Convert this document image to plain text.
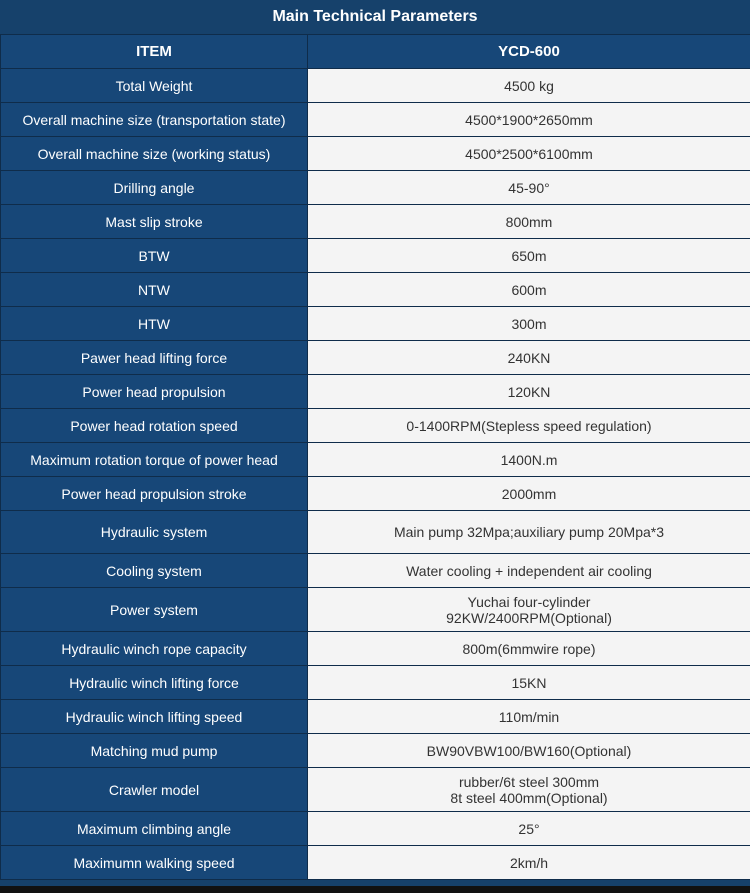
Main Technical Parameters
ITEM	YCD-600
Total Weight	4500 kg

Overall machine size (transportation state)	4500*1900*2650mm

Overall machine size (working status)	4500*2500*6100mm

Drilling angle	45-90°

Mast slip stroke	800mm

BTW	650m

NTW	600m

HTW	300m

Pawer head lifting force	240KN

Power head propulsion	120KN

Power head rotation speed	0-1400RPM(Stepless speed regulation)

Maximum rotation torque of power head	1400N.m

Power head propulsion stroke	2000mm

Hydraulic system	Main pump 32Mpa;auxiliary pump 20Mpa*3

Cooling system	Water cooling + independent air cooling

Power system	Yuchai four-cylinder
92KW/2400RPM(Optional)

Hydraulic winch rope capacity	800m(6mmwire rope)

Hydraulic winch lifting force	15KN

Hydraulic winch lifting speed	110m/min

Matching mud pump	BW90VBW100/BW160(Optional)

Crawler model	rubber/6t steel 300mm
8t steel 400mm(Optional)

Maximum climbing angle	25°

Maximumn walking speed	2km/h
